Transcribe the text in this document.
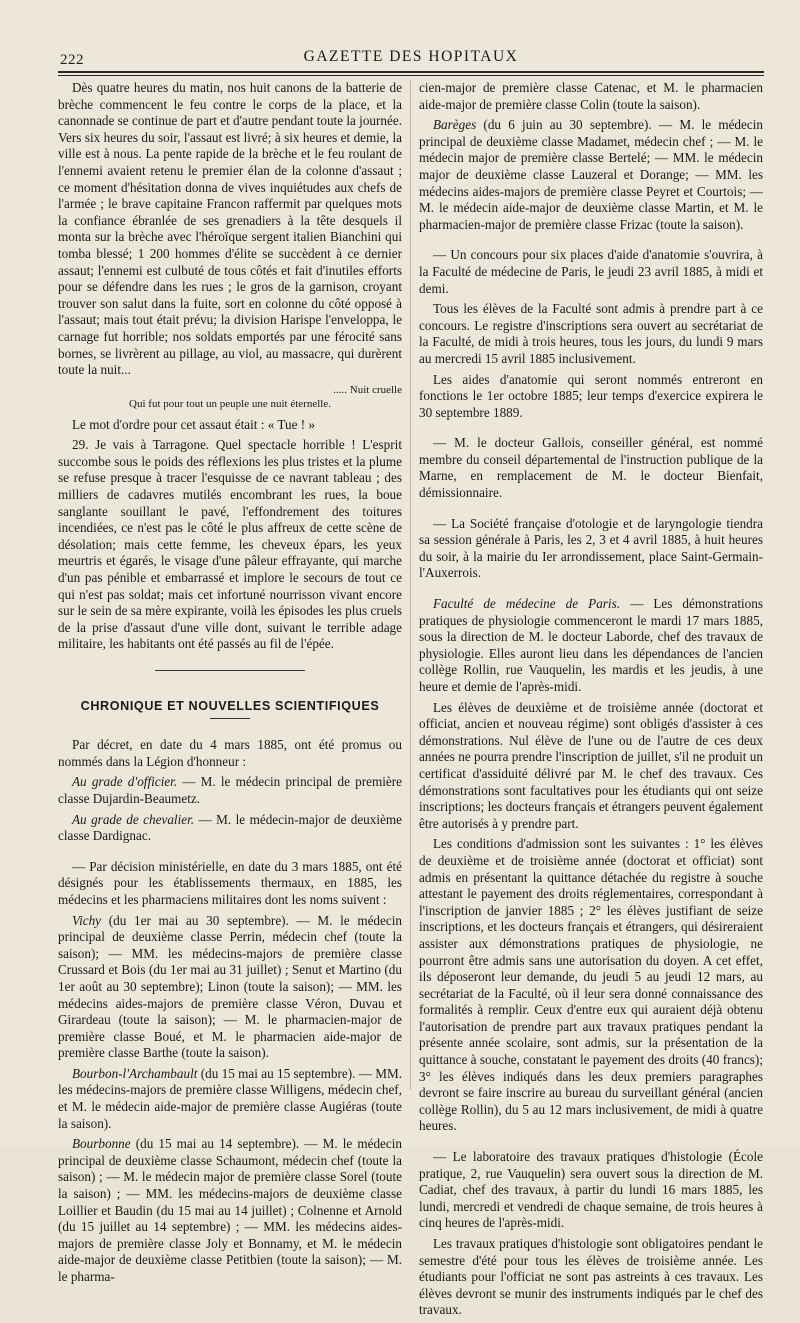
222	GAZETTE DES HOPITAUX

Dès quatre heures du matin, nos huit canons de la batterie de brèche commencent le feu contre le corps de la place, et la canonnade se continue de part et d'autre pendant toute la journée. Vers six heures du soir, l'assaut est livré; à six heures et demie, la ville est à nous. La pente rapide de la brèche et le feu roulant de l'ennemi avaient retenu le premier élan de la colonne d'assaut ; ce moment d'hésitation donna de vives inquiétudes aux chefs de l'armée ; le brave capitaine Francon raffermit par quelques mots la confiance ébranlée de ses grenadiers à la tête desquels il monta sur la brèche avec l'héroïque sergent italien Bianchini qui tomba blessé; 1 200 hommes d'élite se succèdent à ce dernier assaut; l'ennemi est culbuté de tous côtés et fait d'inutiles efforts pour se défendre dans les rues ; le gros de la garnison, croyant trouver son salut dans la fuite, sort en colonne du côté opposé à l'assaut; mais tout était prévu; la division Harispe l'enveloppa, le carnage fut horrible; nos soldats emportés par une férocité sans bornes, se livrèrent au pillage, au viol, au massacre, qui durèrent toute la nuit...

..... Nuit cruelle
Qui fut pour tout un peuple une nuit éternelle.

Le mot d'ordre pour cet assaut était : « Tue ! »

29. Je vais à Tarragone. Quel spectacle horrible ! L'esprit succombe sous le poids des réflexions les plus tristes et la plume se refuse presque à tracer l'esquisse de ce navrant tableau ; des milliers de cadavres mutilés encombrant les rues, la boue sanglante souillant le pavé, l'effondrement des toitures incendiées, ce n'est pas le côté le plus affreux de cette scène de désolation; mais cette femme, les cheveux épars, les yeux meurtris et égarés, le visage d'une pâleur effrayante, qui marche d'un pas pénible et embarrassé et implore le secours de tout ce qui n'est pas soldat; mais cet infortuné nourrisson vivant encore sur le sein de sa mère expirante, voilà les épisodes les plus cruels de la prise d'assaut d'une ville dont, suivant le terrible adage militaire, les habitants ont été passés au fil de l'épée.

CHRONIQUE ET NOUVELLES SCIENTIFIQUES

Par décret, en date du 4 mars 1885, ont été promus ou nommés dans la Légion d'honneur :

Au grade d'officier. — M. le médecin principal de première classe Dujardin-Beaumetz.

Au grade de chevalier. — M. le médecin-major de deuxième classe Dardignac.

— Par décision ministérielle, en date du 3 mars 1885, ont été désignés pour les établissements thermaux, en 1885, les médecins et les pharmaciens militaires dont les noms suivent :

Vichy (du 1er mai au 30 septembre). — M. le médecin principal de deuxième classe Perrin, médecin chef (toute la saison); — MM. les médecins-majors de première classe Crussard et Bois (du 1er mai au 31 juillet) ; Senut et Martino (du 1er août au 30 septembre); Linon (toute la saison); — MM. les médecins aides-majors de première classe Véron, Duvau et Girardeau (toute la saison); — M. le pharmacien-major de première classe Boué, et M. le pharmacien aide-major de première classe Barthe (toute la saison).

Bourbon-l'Archambault (du 15 mai au 15 septembre). — MM. les médecins-majors de première classe Willigens, médecin chef, et M. le médecin aide-major de première classe Augiéras (toute la saison).

Bourbonne (du 15 mai au 14 septembre). — M. le médecin principal de deuxième classe Schaumont, médecin chef (toute la saison) ; — M. le médecin major de première classe Sorel (toute la saison) ; — MM. les médecins-majors de deuxième classe Loillier et Baudin (du 15 mai au 14 juillet) ; Colnenne et Arnold (du 15 juillet au 14 septembre) ; — MM. les médecins aides-majors de première classe Joly et Bonnamy, et M. le médecin aide-major de deuxième classe Petitbien (toute la saison); — M. le pharma-

cien-major de première classe Catenac, et M. le pharmacien aide-major de première classe Colin (toute la saison).

Barèges (du 6 juin au 30 septembre). — M. le médecin principal de deuxième classe Madamet, médecin chef ; — M. le médecin major de première classe Bertelé; — MM. le médecin major de deuxième classe Lauzeral et Dorange; — MM. les médecins aides-majors de première classe Peyret et Courtois; — M. le médecin aide-major de deuxième classe Martin, et M. le pharmacien-major de première classe Frizac (toute la saison).

— Un concours pour six places d'aide d'anatomie s'ouvrira, à la Faculté de médecine de Paris, le jeudi 23 avril 1885, à midi et demi.

Tous les élèves de la Faculté sont admis à prendre part à ce concours. Le registre d'inscriptions sera ouvert au secrétariat de la Faculté, de midi à trois heures, tous les jours, du lundi 9 mars au mercredi 15 avril 1885 inclusivement.

Les aides d'anatomie qui seront nommés entreront en fonctions le 1er octobre 1885; leur temps d'exercice expirera le 30 septembre 1889.

— M. le docteur Gallois, conseiller général, est nommé membre du conseil départemental de l'instruction publique de la Marne, en remplacement de M. le docteur Bienfait, démissionnaire.

— La Société française d'otologie et de laryngologie tiendra sa session générale à Paris, les 2, 3 et 4 avril 1885, à huit heures du soir, à la mairie du Ier arrondissement, place Saint-Germain-l'Auxerrois.

Faculté de médecine de Paris. — Les démonstrations pratiques de physiologie commenceront le mardi 17 mars 1885, sous la direction de M. le docteur Laborde, chef des travaux de physiologie. Elles auront lieu dans les dépendances de l'ancien collège Rollin, rue Vauquelin, les mardis et les jeudis, à une heure et demie de l'après-midi.

Les élèves de deuxième et de troisième année (doctorat et officiat, ancien et nouveau régime) sont obligés d'assister à ces démonstrations. Nul élève de l'une ou de l'autre de ces deux années ne pourra prendre l'inscription de juillet, s'il ne produit un certificat d'assiduité délivré par M. le chef des travaux. Ces démonstrations sont facultatives pour les étudiants qui ont seize inscriptions; les docteurs français et étrangers peuvent également être autorisés à y prendre part.

Les conditions d'admission sont les suivantes : 1° les élèves de deuxième et de troisième année (doctorat et officiat) sont admis en présentant la quittance détachée du registre à souche attestant le payement des droits réglementaires, correspondant à l'inscription de janvier 1885 ; 2° les élèves justifiant de seize inscriptions, et les docteurs français et étrangers, qui désireraient assister aux démonstrations pratiques de physiologie, ne pourront être admis sans une autorisation du doyen. A cet effet, ils déposeront leur demande, du jeudi 5 au jeudi 12 mars, au secrétariat de la Faculté, où il leur sera donné connaissance des formalités à remplir. Ceux d'entre eux qui auraient déjà obtenu l'autorisation de prendre part aux travaux pratiques pendant la présente année scolaire, sont admis, sur la présentation de la quittance à souche, constatant le payement des droits (40 francs); 3° les élèves indiqués dans les deux premiers paragraphes devront se faire inscrire au bureau du surveillant général (ancien collège Rollin), du 5 au 12 mars inclusivement, de midi à quatre heures.

— Le laboratoire des travaux pratiques d'histologie (École pratique, 2, rue Vauquelin) sera ouvert sous la direction de M. Cadiat, chef des travaux, à partir du lundi 16 mars 1885, les lundi, mercredi et vendredi de chaque semaine, de trois heures à cinq heures de l'après-midi.

Les travaux pratiques d'histologie sont obligatoires pendant le semestre d'été pour tous les élèves de troisième année. Les étudiants pour l'officiat ne sont pas astreints à ces travaux. Les élèves devront se munir des instruments indiqués par le chef des travaux.
